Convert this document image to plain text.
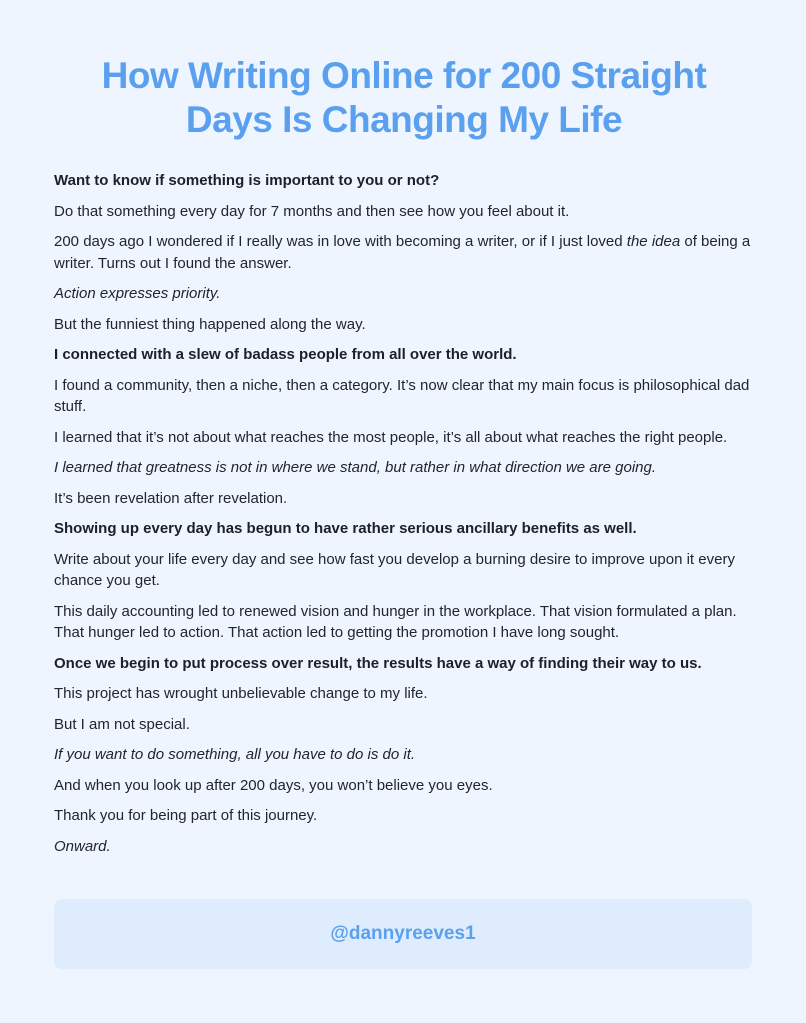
How Writing Online for 200 Straight Days Is Changing My Life

Want to know if something is important to you or not?

Do that something every day for 7 months and then see how you feel about it.

200 days ago I wondered if I really was in love with becoming a writer, or if I just loved the idea of being a writer. Turns out I found the answer.

Action expresses priority.

But the funniest thing happened along the way.

I connected with a slew of badass people from all over the world.

I found a community, then a niche, then a category. It’s now clear that my main focus is philosophical dad stuff.

I learned that it’s not about what reaches the most people, it’s all about what reaches the right people.

I learned that greatness is not in where we stand, but rather in what direction we are going.

It’s been revelation after revelation.

Showing up every day has begun to have rather serious ancillary benefits as well.

Write about your life every day and see how fast you develop a burning desire to improve upon it every chance you get.

This daily accounting led to renewed vision and hunger in the workplace. That vision formulated a plan. That hunger led to action. That action led to getting the promotion I have long sought.

Once we begin to put process over result, the results have a way of finding their way to us.

This project has wrought unbelievable change to my life.

But I am not special.

If you want to do something, all you have to do is do it.

And when you look up after 200 days, you won’t believe you eyes.

Thank you for being part of this journey.

Onward.

@dannyreeves1
